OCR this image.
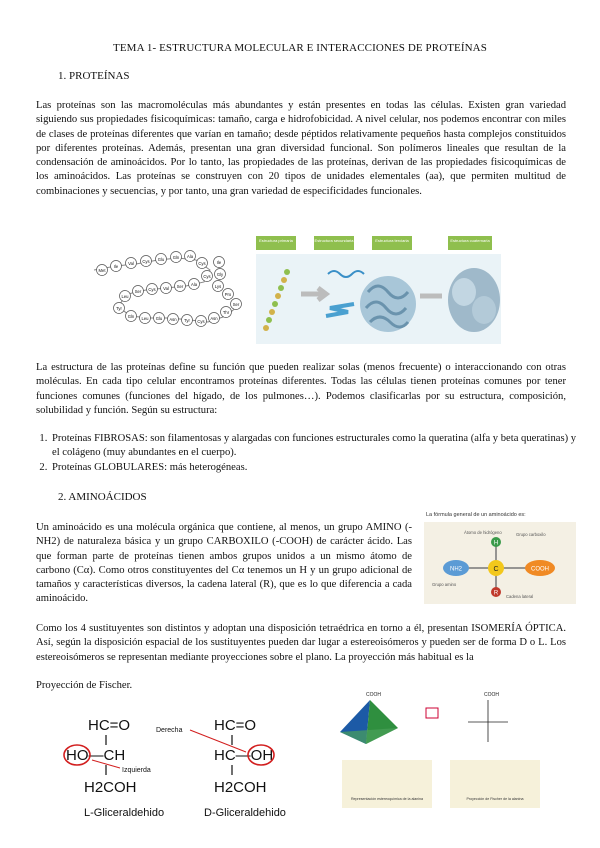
TEMA 1- ESTRUCTURA MOLECULAR E INTERACCIONES DE PROTEÍNAS
1. PROTEÍNAS
Las proteínas son las macromoléculas más abundantes y están presentes en todas las células. Existen gran variedad siguiendo sus propiedades fisicoquímicas: tamaño, carga e hidrofobicidad. A nivel celular, nos podemos encontrar con miles de clases de proteínas diferentes que varían en tamaño; desde péptidos relativamente pequeños hasta complejos constituidos por diferentes proteínas. Además, presentan una gran diversidad funcional. Son polímeros lineales que resultan de la condensación de aminoácidos. Por lo tanto, las propiedades de las proteínas, derivan de las propiedades fisicoquímicas de los aminoácidos. Las proteínas se construyen con 20 tipos de unidades elementales (aa), que permiten multitud de combinaciones y secuencias, y por tanto, una gran variedad de especificidades funcionales.
Met
Ile
Val Cys Glu Gln Ala
Cys
Cys
Ala
Ser
Val
Cys
Ser
Leu
Tyr
Gln Leu Glu Asn Tyr Cys
Asn
Thr
Ser
Pro
Lys
Gly
Ile
Estructura primaria	Estructura secundaria	Estructura terciaria	Estructura cuaternaria
La estructura de las proteínas define su función que pueden realizar solas (menos frecuente) o interaccionando con otras moléculas. En cada tipo celular encontramos proteínas diferentes. Todas las células tienen proteínas comunes por tener funciones comunes (funciones del hígado, de los pulmones…). Podemos clasificarlas por su estructura, composición, solubilidad y función. Según su estructura:
1. Proteínas FIBROSAS: son filamentosas y alargadas con funciones estructurales como la queratina (alfa y beta queratinas) y el colágeno (muy abundantes en el cuerpo).
2. Proteínas GLOBULARES: más heterogéneas.
2. AMINOÁCIDOS
Un aminoácido es una molécula orgánica que contiene, al menos, un grupo AMINO (-NH2) de naturaleza básica y un grupo CARBOXILO (-COOH) de carácter ácido. Las que forman parte de proteínas tienen ambos grupos unidos a un mismo átomo de carbono (Cα). Como otros constituyentes del Cα tenemos un H y un grupo adicional de tamaños y características diversos, la cadena lateral (R), que es lo que diferencia a cada aminoácido.
La fórmula general de un aminoácido es:
C
H
NH2	COOH
R
Átomo de hidrógeno	Grupo carboxilo
Grupo amino
Cadena lateral
Como los 4 sustituyentes son distintos y adoptan una disposición tetraédrica en torno a él, presentan ISOMERÍA ÓPTICA. Así, según la disposición espacial de los sustituyentes pueden dar lugar a estereoisómeros y pueden ser de forma D o L. Los estereoisómeros se representan mediante proyecciones sobre el plano. La proyección más habitual es la
Proyección de Fischer.
HC=O
HO—CH
H2COH
L-Gliceraldehido
Izquierda
Derecha HC=O
HC—OH
H2COH
D-Gliceraldehido
COOH	COOH
Representación estereoquímica de la alanina	Proyección de Fischer de la alanina
